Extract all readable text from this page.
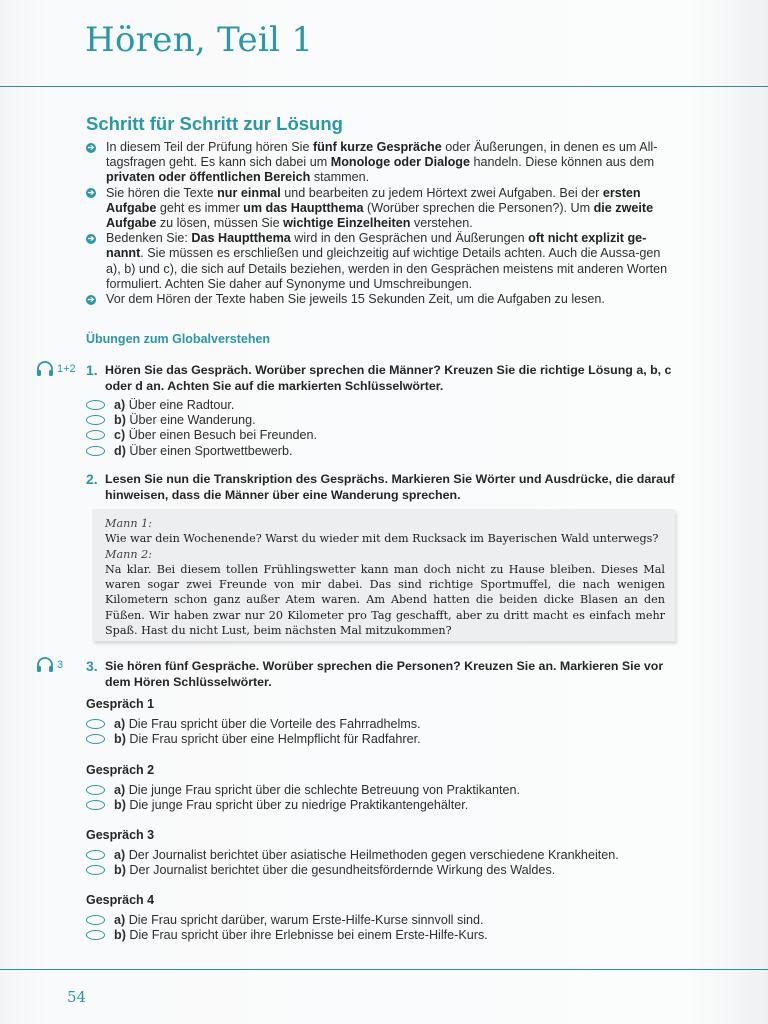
Hören, Teil 1
Schritt für Schritt zur Lösung
➔ In diesem Teil der Prüfung hören Sie fünf kurze Gespräche oder Äußerungen, in denen es um All-tagsfragen geht. Es kann sich dabei um Monologe oder Dialoge handeln. Diese können aus dem privaten oder öffentlichen Bereich stammen.
➔ Sie hören die Texte nur einmal und bearbeiten zu jedem Hörtext zwei Aufgaben. Bei der ersten Aufgabe geht es immer um das Hauptthema (Worüber sprechen die Personen?). Um die zweite Aufgabe zu lösen, müssen Sie wichtige Einzelheiten verstehen.
➔ Bedenken Sie: Das Hauptthema wird in den Gesprächen und Äußerungen oft nicht explizit ge-nannt. Sie müssen es erschließen und gleichzeitig auf wichtige Details achten. Auch die Aussa-gen a), b) und c), die sich auf Details beziehen, werden in den Gesprächen meistens mit anderen Worten formuliert. Achten Sie daher auf Synonyme und Umschreibungen.
➔ Vor dem Hören der Texte haben Sie jeweils 15 Sekunden Zeit, um die Aufgaben zu lesen.
Übungen zum Globalverstehen
1+2 1. Hören Sie das Gespräch. Worüber sprechen die Männer? Kreuzen Sie die richtige Lösung a, b, c oder d an. Achten Sie auf die markierten Schlüsselwörter.
a) Über eine Radtour.
b) Über eine Wanderung.
c) Über einen Besuch bei Freunden.
d) Über einen Sportwettbewerb.
2. Lesen Sie nun die Transkription des Gesprächs. Markieren Sie Wörter und Ausdrücke, die darauf hinweisen, dass die Männer über eine Wanderung sprechen.
Mann 1:
Wie war dein Wochenende? Warst du wieder mit dem Rucksack im Bayerischen Wald unterwegs?
Mann 2:
Na klar. Bei diesem tollen Frühlingswetter kann man doch nicht zu Hause bleiben. Dieses Mal waren sogar zwei Freunde von mir dabei. Das sind richtige Sportmuffel, die nach wenigen Kilometern schon ganz außer Atem waren. Am Abend hatten die beiden dicke Blasen an den Füßen. Wir haben zwar nur 20 Kilometer pro Tag geschafft, aber zu dritt macht es einfach mehr Spaß. Hast du nicht Lust, beim nächsten Mal mitzukommen?
3 3. Sie hören fünf Gespräche. Worüber sprechen die Personen? Kreuzen Sie an. Markieren Sie vor dem Hören Schlüsselwörter.
Gespräch 1
a) Die Frau spricht über die Vorteile des Fahrradhelms.
b) Die Frau spricht über eine Helmpflicht für Radfahrer.
Gespräch 2
a) Die junge Frau spricht über die schlechte Betreuung von Praktikanten.
b) Die junge Frau spricht über zu niedrige Praktikantengehälter.
Gespräch 3
a) Der Journalist berichtet über asiatische Heilmethoden gegen verschiedene Krankheiten.
b) Der Journalist berichtet über die gesundheitsfördernde Wirkung des Waldes.
Gespräch 4
a) Die Frau spricht darüber, warum Erste-Hilfe-Kurse sinnvoll sind.
b) Die Frau spricht über ihre Erlebnisse bei einem Erste-Hilfe-Kurs.
54
